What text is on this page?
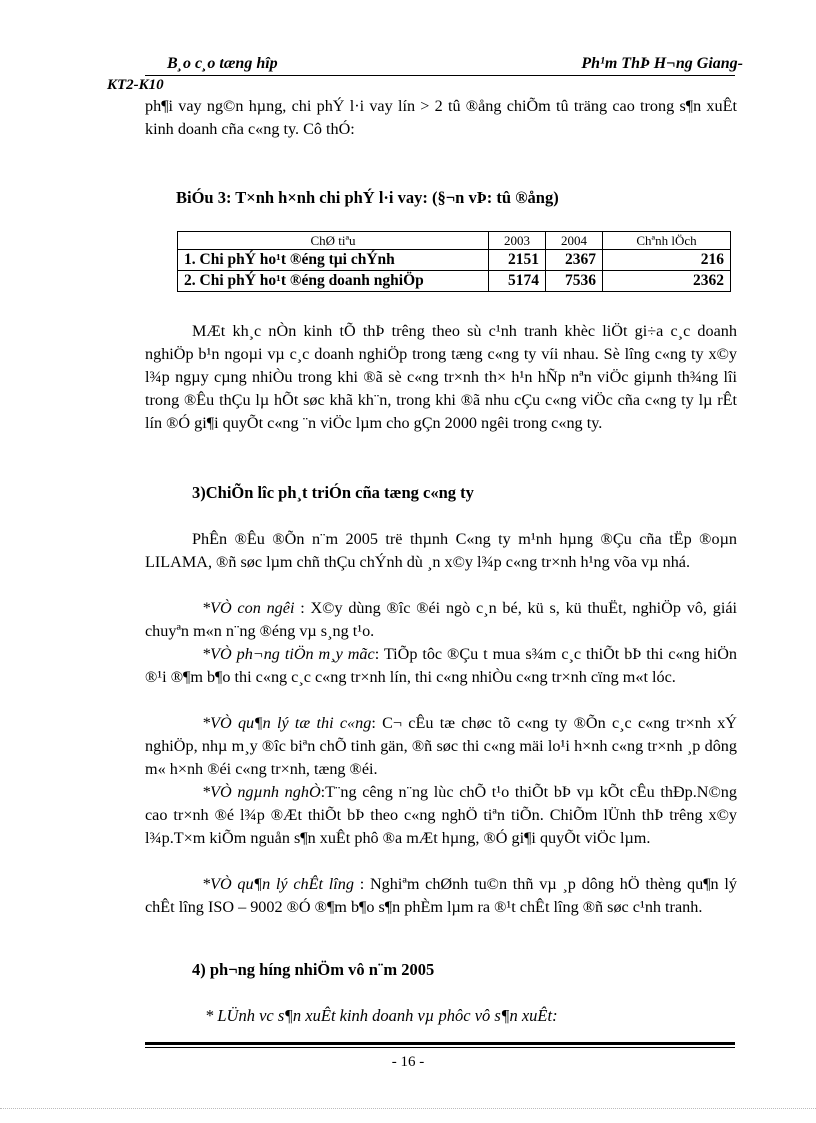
B¸o c¸o tæng hîp	Ph¹m ThÞ H¬ng Giang-
KT2-K10
ph¶i vay ng©n hµng, chi phÝ l·i vay lín > 2 tû ®ång chiÕm tû träng cao trong s¶n xuÊt kinh doanh cña c«ng ty. Cô thÓ:
BiÓu 3: T×nh h×nh chi phÝ l·i vay: (§¬n vÞ: tû ®ång)
ChØ tiªu	2003	2004	Chªnh lÖch
1. Chi phÝ ho¹t ®éng tµi chÝnh	2151	2367	216
2. Chi phÝ ho¹t ®éng doanh nghiÖp	5174	7536	2362
MÆt kh¸c nÒn kinh tÕ thÞ trêng theo sù c¹nh tranh khèc liÖt gi÷a c¸c doanh nghiÖp b¹n ngoµi vµ c¸c doanh nghiÖp trong tæng c«ng ty víi nhau. Sè lîng c«ng ty x©y l¾p ngµy cµng nhiÒu trong khi ®ã sè c«ng tr×nh th× h¹n hÑp nªn viÖc giµnh th¾ng lîi trong ®Êu thÇu lµ hÕt søc khã kh¨n, trong khi ®ã nhu cÇu c«ng viÖc cña c«ng ty lµ rÊt lín ®Ó gi¶i quyÕt c«ng ¨n viÖc lµm cho gÇn 2000 ngêi trong c«ng ty.
3)ChiÕn lîc ph¸t triÓn cña tæng c«ng ty
PhÊn ®Êu ®Õn n¨m 2005 trë thµnh C«ng ty m¹nh hµng ®Çu cña tËp ®oµn LILAMA, ®ñ søc lµm chñ thÇu chÝnh dù ¸n x©y l¾p c«ng tr×nh h¹ng võa vµ nhá.
*VÒ con ngêi : X©y dùng ®îc ®éi ngò c¸n bé, kü s, kü thuËt, nghiÖp vô, giái chuyªn m«n n¨ng ®éng vµ s¸ng t¹o.
*VÒ ph¬ng tiÖn m¸y mãc: TiÕp tôc ®Çu t mua s¾m c¸c thiÕt bÞ thi c«ng hiÖn ®¹i ®¶m b¶o thi c«ng c¸c c«ng tr×nh lín, thi c«ng nhiÒu c«ng tr×nh cïng m«t lóc.
*VÒ qu¶n lý tæ thi c«ng: C¬ cÊu tæ chøc tõ c«ng ty ®Õn c¸c c«ng tr×nh xÝ nghiÖp, nhµ m¸y ®îc biªn chÕ tinh gän, ®ñ søc thi c«ng mäi lo¹i h×nh c«ng tr×nh ¸p dông m« h×nh ®éi c«ng tr×nh, tæng ®éi.
*VÒ ngµnh nghÒ:T¨ng cêng n¨ng lùc chÕ t¹o thiÕt bÞ vµ kÕt cÊu thÐp.N©ng cao tr×nh ®é l¾p ®Æt thiÕt bÞ theo c«ng nghÖ tiªn tiÕn. ChiÕm lÜnh thÞ trêng x©y l¾p.T×m kiÕm nguån s¶n xuÊt phô ®a mÆt hµng, ®Ó gi¶i quyÕt viÖc lµm.
*VÒ qu¶n lý chÊt lîng : Nghiªm chØnh tu©n thñ vµ ¸p dông hÖ thèng qu¶n lý chÊt lîng ISO – 9002 ®Ó ®¶m b¶o s¶n phÈm lµm ra ®¹t chÊt lîng ®ñ søc c¹nh tranh.
4) ph¬ng híng nhiÖm vô n¨m 2005
* LÜnh vc s¶n xuÊt kinh doanh vµ phôc vô s¶n xuÊt:
- 16 -
